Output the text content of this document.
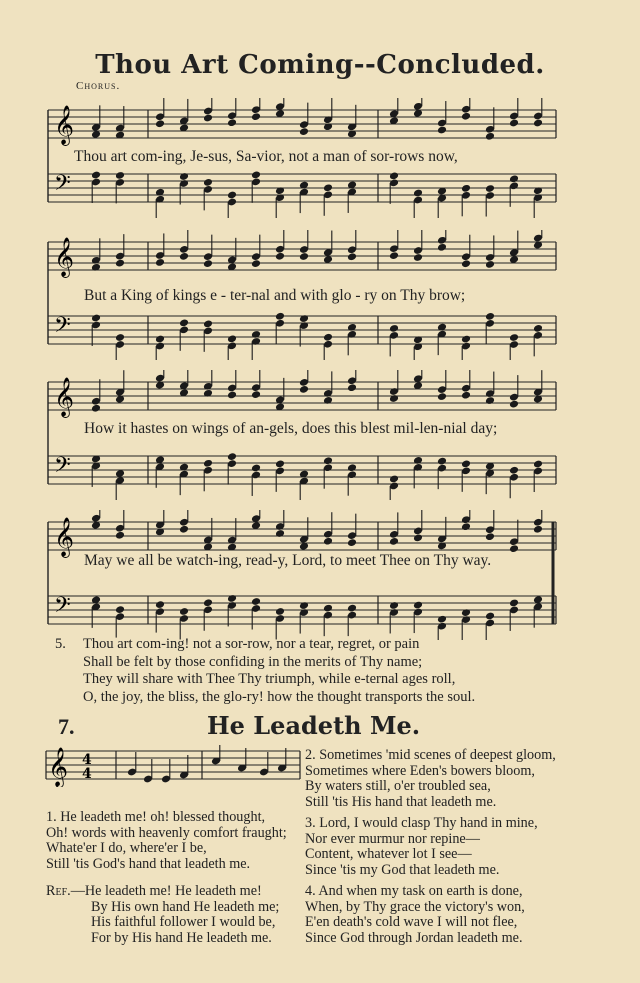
Thou Art Coming--Concluded.
Chorus.
𝄞
𝄢
Thou art com-ing, Je-sus, Sa-vior, not a man of sor-rows now,
𝄞
𝄢
But a King of kings e - ter-nal and with glo - ry on Thy brow;
𝄞
𝄢
How it hastes on wings of an-gels, does this blest mil-len-nial day;
𝄞
𝄢
May we all be watch-ing, read-y, Lord, to meet Thee on Thy way.
5. Thou art com-ing! not a sor-row, nor a tear, regret, or pain
Shall be felt by those confiding in the merits of Thy name;
They will share with Thee Thy triumph, while e-ternal ages roll,
O, the joy, the bliss, the glo-ry! how the thought transports the soul.
7.	He Leadeth Me.
𝄞 4
4
1. He leadeth me! oh! blessed thought,
Oh! words with heavenly comfort fraught;
Whate'er I do, where'er I be,
Still 'tis God's hand that leadeth me.
Ref.—He leadeth me! He leadeth me!
By His own hand He leadeth me;
His faithful follower I would be,
For by His hand He leadeth me.
2. Sometimes 'mid scenes of deepest gloom,
Sometimes where Eden's bowers bloom,
By waters still, o'er troubled sea,
Still 'tis His hand that leadeth me.
3. Lord, I would clasp Thy hand in mine,
Nor ever murmur nor repine—
Content, whatever lot I see—
Since 'tis my God that leadeth me.
4. And when my task on earth is done,
When, by Thy grace the victory's won,
E'en death's cold wave I will not flee,
Since God through Jordan leadeth me.
